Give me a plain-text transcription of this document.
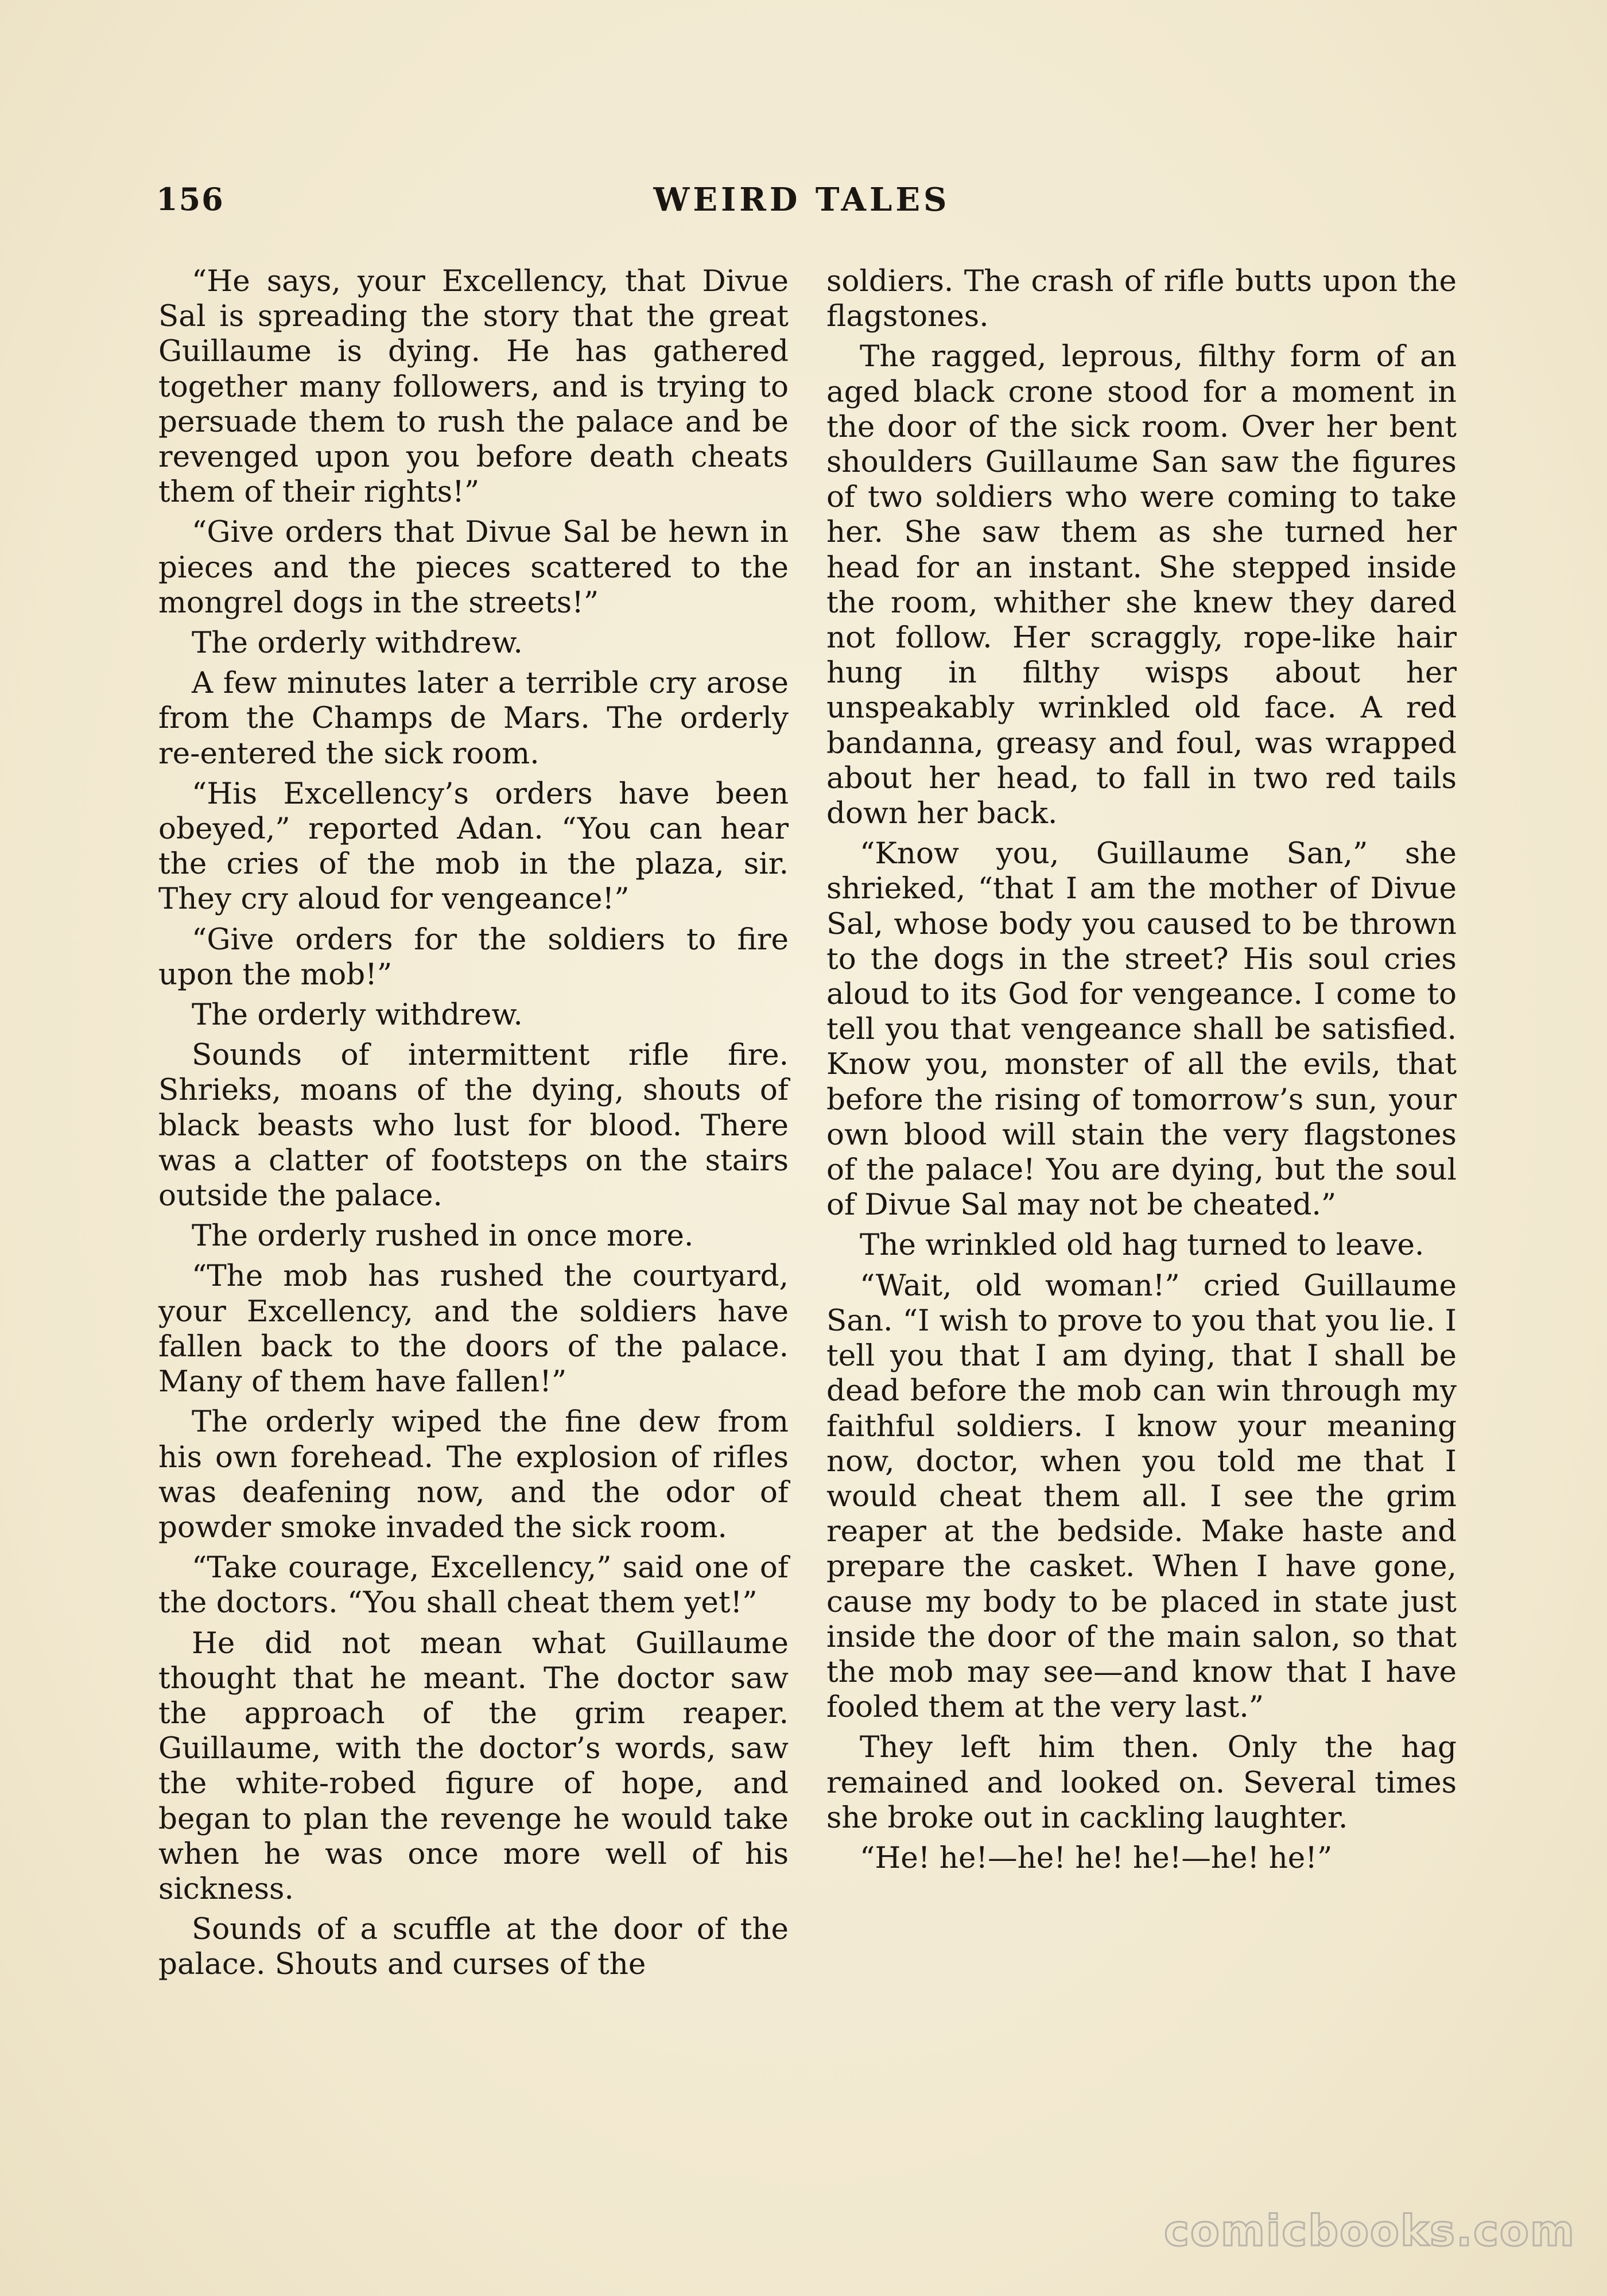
156	WEIRD TALES

“He says, your Excellency, that Divue Sal is spreading the story that the great Guillaume is dying. He has gathered together many followers, and is trying to persuade them to rush the palace and be revenged upon you before death cheats them of their rights!”

“Give orders that Divue Sal be hewn in pieces and the pieces scattered to the mongrel dogs in the streets!”

The orderly withdrew.

A few minutes later a terrible cry arose from the Champs de Mars. The orderly re-entered the sick room.

“His Excellency’s orders have been obeyed,” reported Adan. “You can hear the cries of the mob in the plaza, sir. They cry aloud for vengeance!”

“Give orders for the soldiers to fire upon the mob!”

The orderly withdrew.

Sounds of intermittent rifle fire. Shrieks, moans of the dying, shouts of black beasts who lust for blood. There was a clatter of footsteps on the stairs outside the palace.

The orderly rushed in once more.

“The mob has rushed the courtyard, your Excellency, and the soldiers have fallen back to the doors of the palace. Many of them have fallen!”

The orderly wiped the fine dew from his own forehead. The explosion of rifles was deafening now, and the odor of powder smoke invaded the sick room.

“Take courage, Excellency,” said one of the doctors. “You shall cheat them yet!”

He did not mean what Guillaume thought that he meant. The doctor saw the approach of the grim reaper. Guillaume, with the doctor’s words, saw the white-robed figure of hope, and began to plan the revenge he would take when he was once more well of his sickness.

Sounds of a scuffle at the door of the palace. Shouts and curses of the

soldiers. The crash of rifle butts upon the flagstones.

The ragged, leprous, filthy form of an aged black crone stood for a moment in the door of the sick room. Over her bent shoulders Guillaume San saw the figures of two soldiers who were coming to take her. She saw them as she turned her head for an instant. She stepped inside the room, whither she knew they dared not follow. Her scraggly, rope-like hair hung in filthy wisps about her unspeakably wrinkled old face. A red bandanna, greasy and foul, was wrapped about her head, to fall in two red tails down her back.

“Know you, Guillaume San,” she shrieked, “that I am the mother of Divue Sal, whose body you caused to be thrown to the dogs in the street? His soul cries aloud to its God for vengeance. I come to tell you that vengeance shall be satisfied. Know you, monster of all the evils, that before the rising of tomorrow’s sun, your own blood will stain the very flagstones of the palace! You are dying, but the soul of Divue Sal may not be cheated.”

The wrinkled old hag turned to leave.

“Wait, old woman!” cried Guillaume San. “I wish to prove to you that you lie. I tell you that I am dying, that I shall be dead before the mob can win through my faithful soldiers. I know your meaning now, doctor, when you told me that I would cheat them all. I see the grim reaper at the bedside. Make haste and prepare the casket. When I have gone, cause my body to be placed in state just inside the door of the main salon, so that the mob may see—and know that I have fooled them at the very last.”

They left him then. Only the hag remained and looked on. Several times she broke out in cackling laughter.

“He! he!—he! he! he!—he! he!”

comicbooks.com
